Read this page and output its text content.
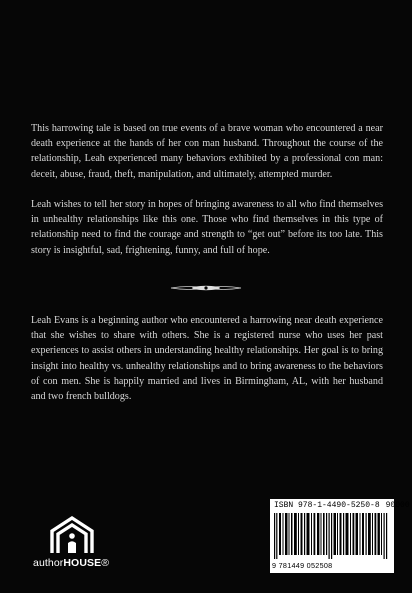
This harrowing tale is based on true events of a brave woman who encountered a near death experience at the hands of her con man husband. Throughout the course of the relationship, Leah experienced many behaviors exhibited by a professional con man: deceit, abuse, fraud, theft, manipulation, and ultimately, attempted murder.

Leah wishes to tell her story in hopes of bringing awareness to all who find themselves in unhealthy relationships like this one. Those who find themselves in this type of relationship need to find the courage and strength to “get out” before its too late. This story is insightful, sad, frightening, funny, and full of hope.

Leah Evans is a beginning author who encountered a harrowing near death experience that she wishes to share with others. She is a registered nurse who uses her past experiences to assist others in understanding healthy relationships. Her goal is to bring insight into healthy vs. unhealthy relationships and to bring awareness to the behaviors of con men. She is happily married and lives in Birmingham, AL, with her husband and two french bulldogs.

authorHOUSE®
ISBN 978-1-4490-5250-8 90000
9 781449 052508
